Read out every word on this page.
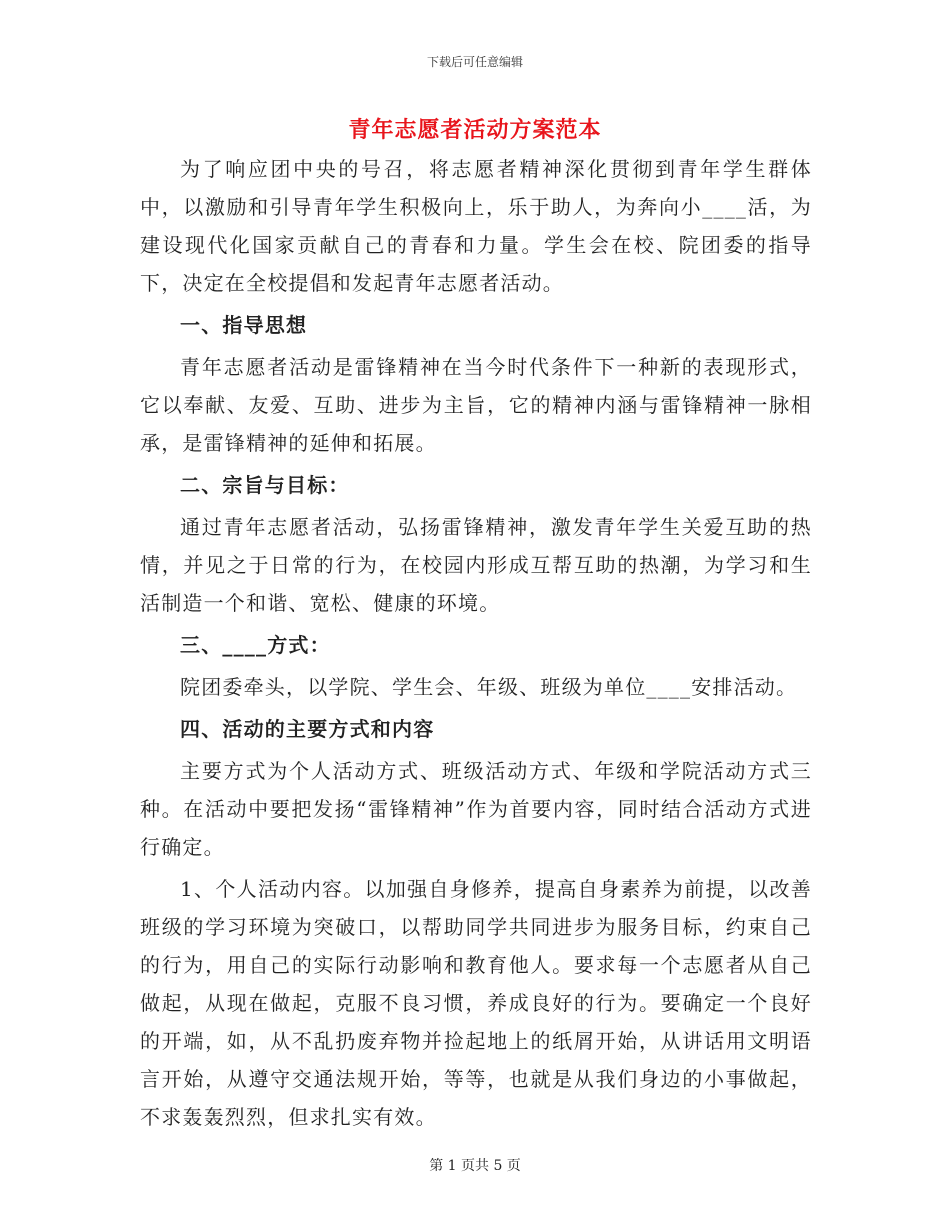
下载后可任意编辑
青年志愿者活动方案范本
为了响应团中央的号召，将志愿者精神深化贯彻到青年学生群体中，以激励和引导青年学生积极向上，乐于助人，为奔向小____活，为建设现代化国家贡献自己的青春和力量。学生会在校、院团委的指导下，决定在全校提倡和发起青年志愿者活动。
一、指导思想
青年志愿者活动是雷锋精神在当今时代条件下一种新的表现形式，它以奉献、友爱、互助、进步为主旨，它的精神内涵与雷锋精神一脉相承，是雷锋精神的延伸和拓展。
二、宗旨与目标：
通过青年志愿者活动，弘扬雷锋精神，激发青年学生关爱互助的热情，并见之于日常的行为，在校园内形成互帮互助的热潮，为学习和生活制造一个和谐、宽松、健康的环境。
三、____方式：
院团委牵头，以学院、学生会、年级、班级为单位____安排活动。
四、活动的主要方式和内容
主要方式为个人活动方式、班级活动方式、年级和学院活动方式三种。在活动中要把发扬“雷锋精神”作为首要内容，同时结合活动方式进行确定。
1、个人活动内容。以加强自身修养，提高自身素养为前提，以改善班级的学习环境为突破口，以帮助同学共同进步为服务目标，约束自己的行为，用自己的实际行动影响和教育他人。要求每一个志愿者从自己做起，从现在做起，克服不良习惯，养成良好的行为。要确定一个良好的开端，如，从不乱扔废弃物并捡起地上的纸屑开始，从讲话用文明语言开始，从遵守交通法规开始，等等，也就是从我们身边的小事做起，不求轰轰烈烈，但求扎实有效。
第 1 页共 5 页
